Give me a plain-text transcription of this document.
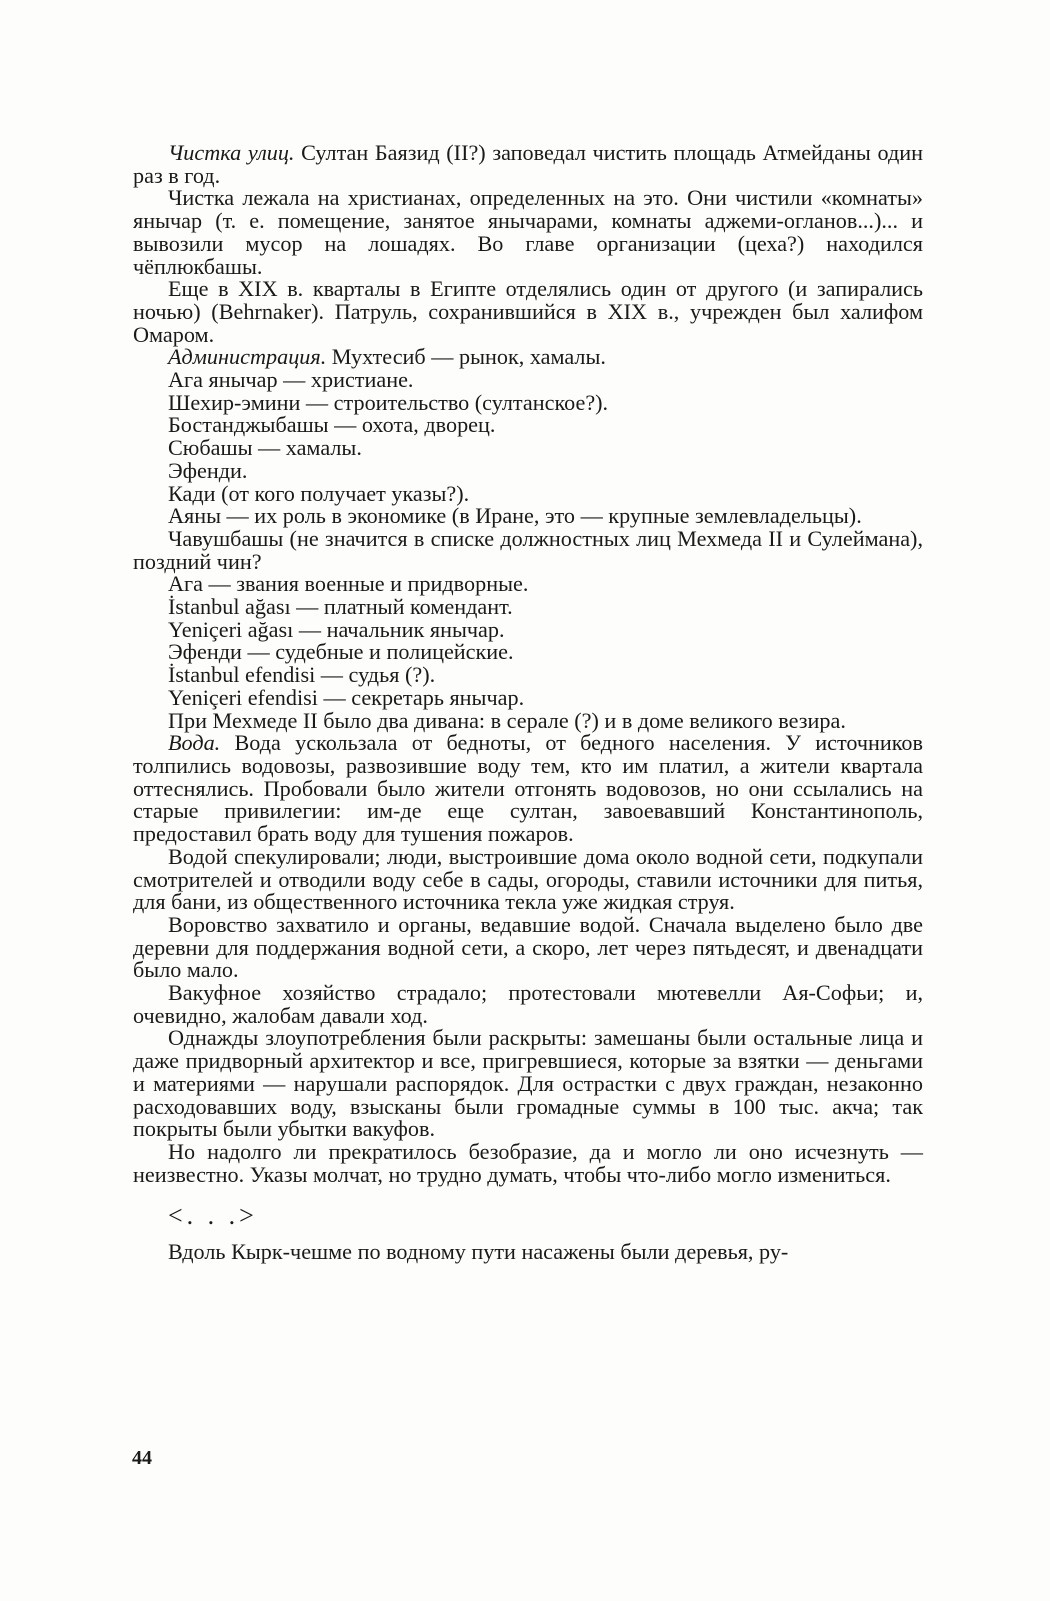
Чистка улиц. Султан Баязид (II?) заповедал чистить площадь Атмейданы один раз в год.

Чистка лежала на христианах, определенных на это. Они чистили «комнаты» янычар (т. е. помещение, занятое янычарами, комнаты аджеми-огланов...)... и вывозили мусор на лошадях. Во главе организации (цеха?) находился чёплюкбашы.

Еще в XIX в. кварталы в Египте отделялись один от другого (и запирались ночью) (Behrnaker). Патруль, сохранившийся в XIX в., учрежден был халифом Омаром.

Администрация. Мухтесиб — рынок, хамалы.

Ага янычар — христиане.

Шехир-эмини — строительство (султанское?).

Бостанджыбашы — охота, дворец.

Сюбашы — хамалы.

Эфенди.

Кади (от кого получает указы?).

Аяны — их роль в экономике (в Иране, это — крупные землевладельцы).

Чавушбашы (не значится в списке должностных лиц Мехмеда II и Сулеймана), поздний чин?

Ага — звания военные и придворные.

İstanbul ağası — платный комендант.

Yeniçeri ağası — начальник янычар.

Эфенди — судебные и полицейские.

İstanbul efendisi — судья (?).

Yeniçeri efendisi — секретарь янычар.

При Мехмеде II было два дивана: в серале (?) и в доме великого везира.

Вода. Вода ускользала от бедноты, от бедного населения. У источников толпились водовозы, развозившие воду тем, кто им платил, а жители квартала оттеснялись. Пробовали было жители отгонять водовозов, но они ссылались на старые привилегии: им-де еще султан, завоевавший Константинополь, предоставил брать воду для тушения пожаров.

Водой спекулировали; люди, выстроившие дома около водной сети, подкупали смотрителей и отводили воду себе в сады, огороды, ставили источники для питья, для бани, из общественного источника текла уже жидкая струя.

Воровство захватило и органы, ведавшие водой. Сначала выделено было две деревни для поддержания водной сети, а скоро, лет через пятьдесят, и двенадцати было мало.

Вакуфное хозяйство страдало; протестовали мютевелли Ая-Софьи; и, очевидно, жалобам давали ход.

Однажды злоупотребления были раскрыты: замешаны были остальные лица и даже придворный архитектор и все, пригревшиеся, которые за взятки — деньгами и материями — нарушали распорядок. Для острастки с двух граждан, незаконно расходовавших воду, взысканы были громадные суммы в 100 тыс. акча; так покрыты были убытки вакуфов.

Но надолго ли прекратилось безобразие, да и могло ли оно исчезнуть — неизвестно. Указы молчат, но трудно думать, чтобы что-либо могло измениться.

<. . .>

Вдоль Кырк-чешме по водному пути насажены были деревья, ру-

44
